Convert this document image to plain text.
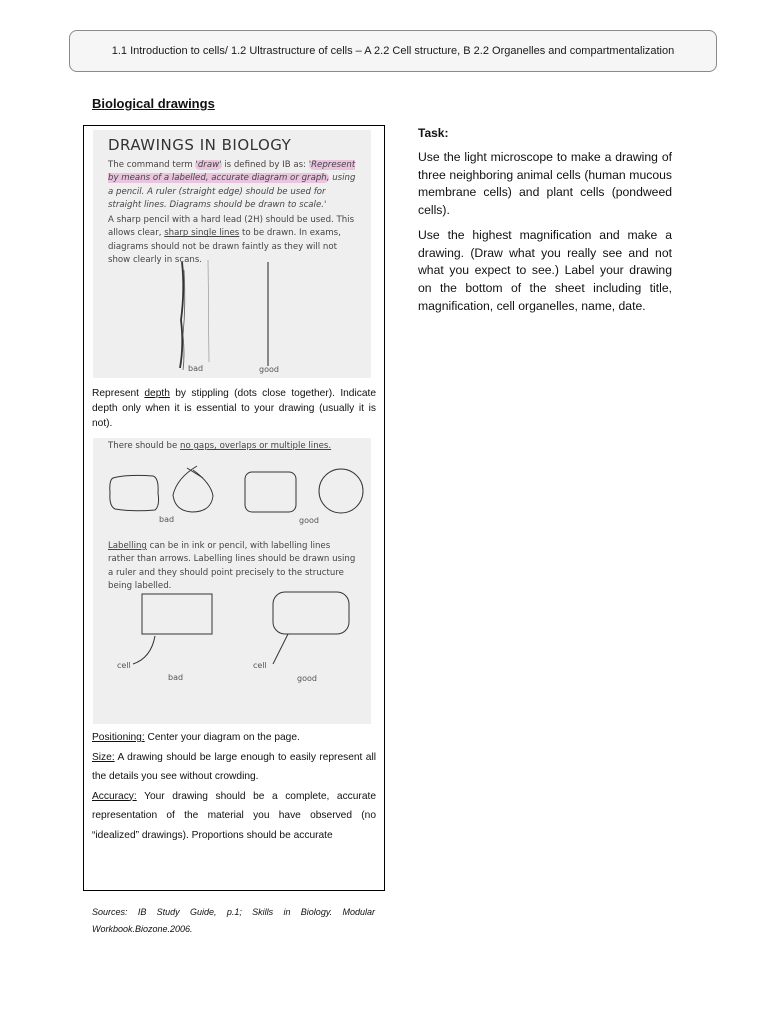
1.1 Introduction to cells/ 1.2 Ultrastructure of cells – A 2.2 Cell structure, B 2.2 Organelles and compartmentalization
Biological drawings
DRAWINGS IN BIOLOGY
The command term 'draw' is defined by IB as: 'Represent by means of a labelled, accurate diagram or graph, using a pencil. A ruler (straight edge) should be used for straight lines. Diagrams should be drawn to scale.'
A sharp pencil with a hard lead (2H) should be used. This allows clear, sharp single lines to be drawn. In exams, diagrams should not be drawn faintly as they will not show clearly in scans.
bad	good
Represent depth by stippling (dots close together). Indicate depth only when it is essential to your drawing (usually it is not).
There should be no gaps, overlaps or multiple lines.
bad	good
Labelling can be in ink or pencil, with labelling lines rather than arrows. Labelling lines should be drawn using a ruler and they should point precisely to the structure being labelled.
cell	cell
bad	good
Positioning: Center your diagram on the page.
Size: A drawing should be large enough to easily represent all the details you see without crowding.
Accuracy: Your drawing should be a complete, accurate representation of the material you have observed (no “idealized” drawings). Proportions should be accurate
Sources: IB Study Guide, p.1; Skills in Biology. Modular Workbook.Biozone.2006.
Task:

Use the light microscope to make a drawing of three neighboring animal cells (human mucous membrane cells) and plant cells (pondweed cells).

Use the highest magnification and make a drawing. (Draw what you really see and not what you expect to see.) Label your drawing on the bottom of the sheet including title, magnification, cell organelles, name, date.
